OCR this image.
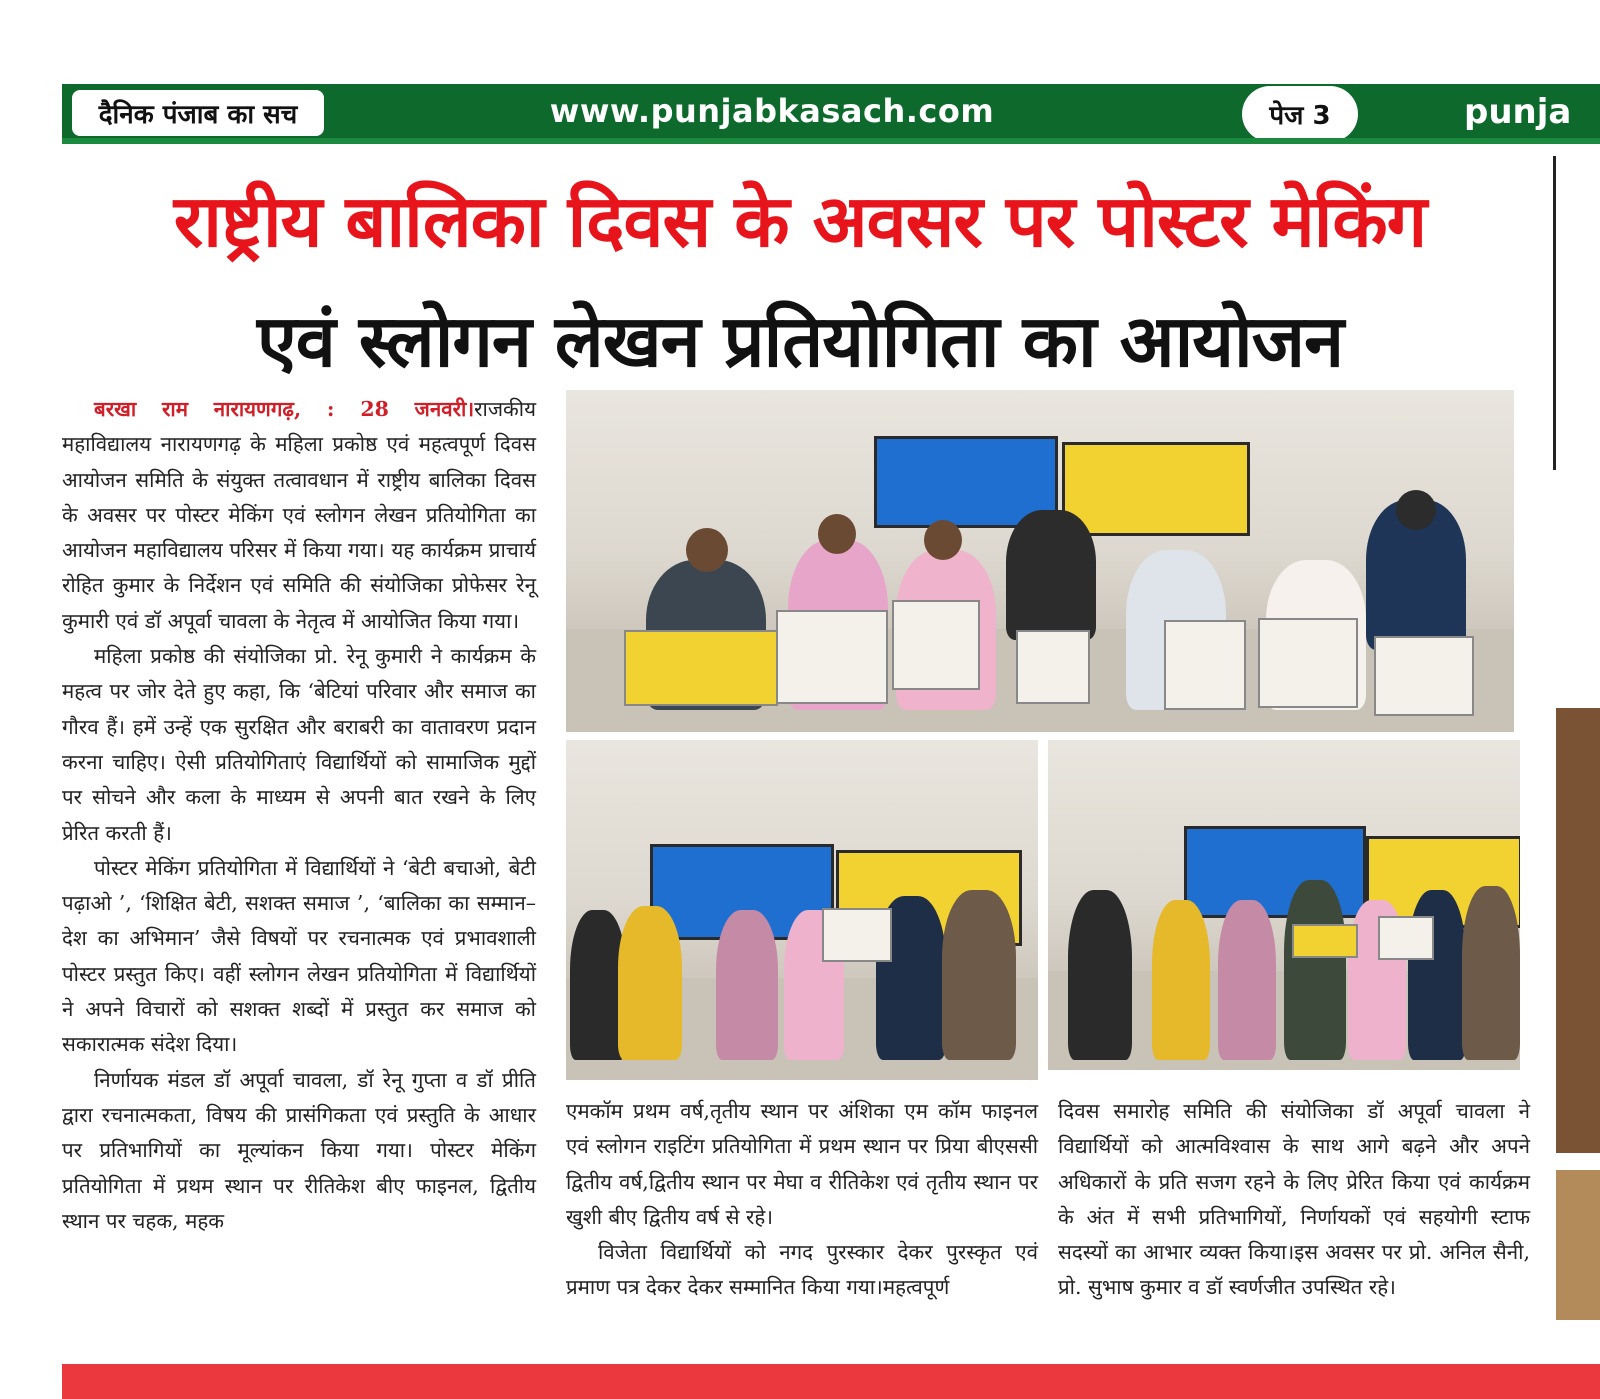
दैनिक पंजाब का सच	www.punjabkasach.com	पेज 3	punja
राष्ट्रीय बालिका दिवस के अवसर पर पोस्टर मेकिंग
एवं स्लोगन लेखन प्रतियोगिता का आयोजन

बरखा राम नारायणगढ़, : 28 जनवरी।राजकीय महाविद्यालय नारायणगढ़ के महिला प्रकोष्ठ एवं महत्वपूर्ण दिवस आयोजन समिति के संयुक्त तत्वावधान में राष्ट्रीय बालिका दिवस के अवसर पर पोस्टर मेकिंग एवं स्लोगन लेखन प्रतियोगिता का आयोजन महाविद्यालय परिसर में किया गया। यह कार्यक्रम प्राचार्य रोहित कुमार के निर्देशन एवं समिति की संयोजिका प्रोफेसर रेनू कुमारी एवं डॉ अपूर्वा चावला के नेतृत्व में आयोजित किया गया।

महिला प्रकोष्ठ की संयोजिका प्रो. रेनू कुमारी ने कार्यक्रम के महत्व पर जोर देते हुए कहा, कि ‘बेटियां परिवार और समाज का गौरव हैं। हमें उन्हें एक सुरक्षित और बराबरी का वातावरण प्रदान करना चाहिए। ऐसी प्रतियोगिताएं विद्यार्थियों को सामाजिक मुद्दों पर सोचने और कला के माध्यम से अपनी बात रखने के लिए प्रेरित करती हैं।

पोस्टर मेकिंग प्रतियोगिता में विद्यार्थियों ने ‘बेटी बचाओ, बेटी पढ़ाओ ’, ‘शिक्षित बेटी, सशक्त समाज ’, ‘बालिका का सम्मान–देश का अभिमान’ जैसे विषयों पर रचनात्मक एवं प्रभावशाली पोस्टर प्रस्तुत किए। वहीं स्लोगन लेखन प्रतियोगिता में विद्यार्थियों ने अपने विचारों को सशक्त शब्दों में प्रस्तुत कर समाज को सकारात्मक संदेश दिया।

निर्णायक मंडल डॉ अपूर्वा चावला, डॉ रेनू गुप्ता व डॉ प्रीति द्वारा रचनात्मकता, विषय की प्रासंगिकता एवं प्रस्तुति के आधार पर प्रतिभागियों का मूल्यांकन किया गया। पोस्टर मेकिंग प्रतियोगिता में प्रथम स्थान पर रीतिकेश बीए फाइनल, द्वितीय स्थान पर चहक, महक

एमकॉम प्रथम वर्ष,तृतीय स्थान पर अंशिका एम कॉम फाइनल एवं स्लोगन राइटिंग प्रतियोगिता में प्रथम स्थान पर प्रिया बीएससी द्वितीय वर्ष,द्वितीय स्थान पर मेघा व रीतिकेश एवं तृतीय स्थान पर खुशी बीए द्वितीय वर्ष से रहे।

विजेता विद्यार्थियों को नगद पुरस्कार देकर पुरस्कृत एवं प्रमाण पत्र देकर देकर सम्मानित किया गया।महत्वपूर्ण

दिवस समारोह समिति की संयोजिका डॉ अपूर्वा चावला ने विद्यार्थियों को आत्मविश्वास के साथ आगे बढ़ने और अपने अधिकारों के प्रति सजग रहने के लिए प्रेरित किया एवं कार्यक्रम के अंत में सभी प्रतिभागियों, निर्णायकों एवं सहयोगी स्टाफ सदस्यों का आभार व्यक्त किया।इस अवसर पर प्रो. अनिल सैनी, प्रो. सुभाष कुमार व डॉ स्वर्णजीत उपस्थित रहे।
